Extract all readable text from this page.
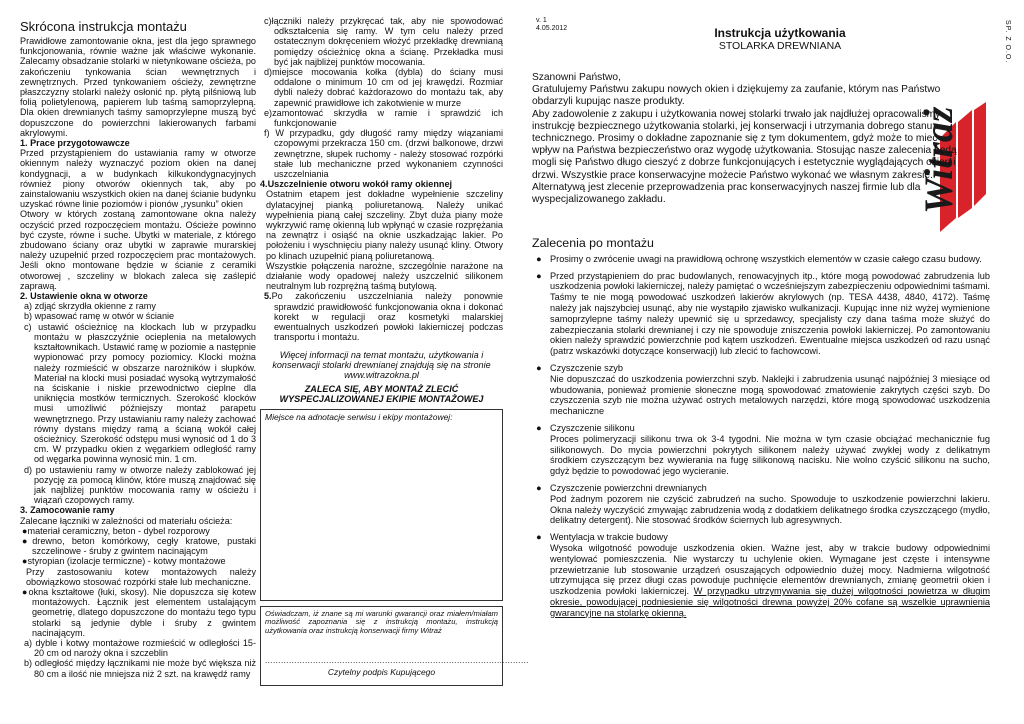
Skrócona instrukcja montażu

Prawidłowe zamontowanie okna, jest dla jego sprawnego funkcjonowania, równie ważne jak właściwe wykonanie. Zalecamy obsadzanie stolarki w nietynkowane ościeża, po zakończeniu tynkowania ścian wewnętrznych i zewnętrznych. Przed tynkowaniem ościeży, zewnętrzne płaszczyzny stolarki należy osłonić np. płytą pilśniową lub folią polietylenową, papierem lub taśmą samoprzylepną. Dla okien drewnianych taśmy samoprzylepne muszą być dopuszczone do powierzchni lakierowanych farbami akrylowymi.

1. Prace przygotowawcze

Przed przystąpieniem do ustawiania ramy w otworze okiennym należy wyznaczyć poziom okien na danej kondygnacji, a w budynkach kilkukondygnacyjnych również piony otworów okiennych tak, aby po zainstalowaniu wszystkich okien na danej ścianie budynku uzyskać równe linie poziomów i pionów „rysunku” okien

Otwory w których zostaną zamontowane okna należy oczyścić przed rozpoczęciem montażu. Ościeże powinno być czyste, równe i suche. Ubytki w materiale, z którego zbudowano ściany oraz ubytki w zaprawie murarskiej należy uzupełnić przed rozpoczęciem prac montażowych. Jeśli okno montowane będzie w ścianie z ceramiki otworowej , szczeliny w blokach zaleca się zaślepić zaprawą.

2. Ustawienie okna w otworze

a) zdjąć skrzydła okienne z ramy

b) wpasować ramę w otwór w ścianie

c) ustawić ościeżnicę na klockach lub w przypadku montażu w płaszczyźnie ocieplenia na metalowych kształtownikach. Ustawić ramę w poziomie a następnie wypionować przy pomocy poziomicy. Klocki można należy rozmieścić w obszarze narożników i słupków. Materiał na klocki musi posiadać wysoką wytrzymałość na ściskanie i niskie przewodnictwo cieplne dla uniknięcia mostków termicznych. Szerokość klocków musi umożliwić późniejszy montaż parapetu wewnętrznego. Przy ustawianiu ramy należy zachować równy dystans między ramą a ścianą wokół całej ościeżnicy. Szerokość odstępu musi wynosić od 1 do 3 cm. W przypadku okien z węgarkiem odległość ramy od węgarka powinna wynosić min. 1 cm.

d) po ustawieniu ramy w otworze należy zablokować jej pozycję za pomocą klinów, które muszą znajdować się jak najbliżej punktów mocowania ramy w ościeżu i wiązań czopowych ramy.

3. Zamocowanie ramy

Zalecane łączniki w zależności od materiału ościeża:

●materiał ceramiczny, beton - dybel rozporowy

●drewno, beton komórkowy, cegły kratowe, pustaki szczelinowe - śruby z gwintem nacinającym

●styropian (izolacje termiczne) - kotwy montażowe

Przy zastosowaniu kotew montażowych należy obowiązkowo stosować rozpórki stałe lub mechaniczne.

●okna kształtowe (łuki, skosy). Nie dopuszcza się kotew montażowych. Łącznik jest elementem ustalającym geometrię, dlatego dopuszczone do montażu tego typu stolarki są jedynie dyble i śruby z gwintem nacinającym.

a) dyble i kotwy montażowe rozmieścić w odległości 15-20 cm od naroży okna i szczeblin

b) odległość między łącznikami nie może być większa niż 80 cm a ilość nie mniejsza niż 2 szt. na krawędź ramy

c)łączniki należy przykręcać tak, aby nie spowodować odkształcenia się ramy. W tym celu należy przed ostatecznym dokręceniem włożyć przekładkę drewnianą pomiędzy ościeżnicę okna a ścianę. Przekładka musi być jak najbliżej punktów mocowania.

d)miejsce mocowania kołka (dybla) do ściany musi oddalone o minimum 10 cm od jej krawędzi. Rozmiar dybli należy dobrać każdorazowo do montażu tak, aby zapewnić prawidłowe ich zakotwienie w murze

e)zamontować skrzydła w ramie i sprawdzić ich funkcjonowanie

f) W przypadku, gdy długość ramy między wiązaniami czopowymi przekracza 150 cm. (drzwi balkonowe, drzwi zewnętrzne, słupek ruchomy - należy stosować rozpórki stałe lub mechaniczne przed wykonaniem czynności uszczelniania

4.Uszczelnienie otworu wokół ramy okiennej

Ostatnim etapem jest dokładne wypełnienie szczeliny dylatacyjnej pianką poliuretanową. Należy unikać wypełnienia pianą całej szczeliny. Zbyt duża piany może wykrzywić ramę okienną lub wpłynąć w czasie rozprężania na zewnątrz i osiąść na oknie uszkadzając lakier. Po położeniu i wyschnięciu piany należy usunąć kliny. Otwory po klinach uzupełnić pianą poliuretanową.

Wszystkie połączenia narożne, szczególnie narażone na działanie wody opadowej należy uszczelnić silikonem neutralnym lub rozprężną taśmą butylową.

5.Po zakończeniu uszczelniania należy ponownie sprawdzić prawidłowość funkcjonowania okna i dokonać korekt w regulacji oraz kosmetyki malarskiej ewentualnych uszkodzeń powłoki lakierniczej podczas transportu i montażu.

Więcej informacji na temat montażu, użytkowania i konserwacji stolarki drewnianej znajdują się na stronie www.witrazokna.pl

ZALECA SIĘ, ABY MONTAŻ ZLECIĆ

WYSPECJALIZOWANEJ EKIPIE MONTAŻOWEJ

Miejsce na adnotacje serwisu i ekipy montażowej:
Oświadczam, iż znane są mi warunki gwarancji oraz miałem/miałam możliwość zapoznania się z instrukcją montażu, instrukcją użytkowania oraz instrukcją konserwacji firmy Witraż
………………………………………………………………………………………
Czytelny podpis Kupującego
v. 1
4.05.2012	Instrukcja użytkowania
STOLARKA DREWNIANA
Witraż
SP. Z O.O.

Szanowni Państwo,

Gratulujemy Państwu zakupu nowych okien i dziękujemy za zaufanie, którym nas Państwo obdarzyli kupując nasze produkty.

Aby zadowolenie z zakupu i użytkowania nowej stolarki trwało jak najdłużej opracowaliśmy instrukcję bezpiecznego użytkowania stolarki, jej konserwacji i utrzymania dobrego stanu technicznego. Prosimy o dokładne zapoznanie się z tym dokumentem, gdyż może to mieć wpływ na Państwa bezpieczeństwo oraz wygodę użytkowania. Stosując nasze zalecenia będą mogli się Państwo długo cieszyć z dobrze funkcjonujących i estetycznie wyglądających okien i drzwi. Wszystkie prace konserwacyjne możecie Państwo wykonać we własnym zakresie. Alternatywą jest zlecenie przeprowadzenia prac konserwacyjnych naszej firmie lub dla wyspecjalizowanego zakładu.

Zalecenia po montażu

● Prosimy o zwrócenie uwagi na prawidłową ochronę wszystkich elementów w czasie całego czasu budowy.
● Przed przystąpieniem do prac budowlanych, renowacyjnych itp., które mogą powodować zabrudzenia lub uszkodzenia powłoki lakierniczej, należy pamiętać o wcześniejszym zabezpieczeniu odpowiednimi taśmami. Taśmy te nie mogą powodować uszkodzeń lakierów akrylowych (np. TESA 4438, 4840, 4172). Taśmę należy jak najszybciej usunąć, aby nie wystąpiło zjawisko wulkanizacji. Kupując inne niż wyżej wymienione samoprzylepne taśmy należy upewnić się u sprzedawcy, specjalisty czy dana taśma może służyć do zabezpieczania stolarki drewnianej i czy nie spowoduje zniszczenia powłoki lakierniczej. Po zamontowaniu okien należy sprawdzić powierzchnie pod kątem uszkodzeń. Ewentualne miejsca uszkodzeń od razu usnąć (patrz wskazówki dotyczące konserwacji) lub zlecić to fachowcowi.
● Czyszczenie szyb
Nie dopuszczać do uszkodzenia powierzchni szyb. Naklejki i zabrudzenia usunąć najpóźniej 3 miesiące od wbudowania, ponieważ promienie słoneczne mogą spowodować zmatowienie zakrytych części szyb. Do czyszczenia szyb nie można używać ostrych metalowych narzędzi, które mogą spowodować uszkodzenia mechaniczne
● Czyszczenie silikonu
Proces polimeryzacji silikonu trwa ok 3-4 tygodni. Nie można w tym czasie obciążać mechanicznie fug silikonowych. Do mycia powierzchni pokrytych silikonem należy używać zwykłej wody z delikatnym środkiem czyszczącym bez wywierania na fugę silikonową nacisku. Nie wolno czyścić silikonu na sucho, gdyż będzie to powodować jego wycieranie.
● Czyszczenie powierzchni drewnianych
Pod żadnym pozorem nie czyścić zabrudzeń na sucho. Spowoduje to uszkodzenie powierzchni lakieru. Okna należy wyczyścić zmywając zabrudzenia wodą z dodatkiem delikatnego środka czyszczącego (mydło, delikatny detergent). Nie stosować środków ściernych lub agresywnych.
● Wentylacja w trakcie budowy
Wysoka wilgotność powoduje uszkodzenia okien. Ważne jest, aby w trakcie budowy odpowiednimi wentylować pomieszczenia. Nie wystarczy tu uchylenie okien. Wymagane jest częste i intensywne przewietrzanie lub stosowanie urządzeń osuszających odpowiednio dużej mocy. Nadmierna wilgotność utrzymująca się przez długi czas powoduje puchnięcie elementów drewnianych, zmianę geometrii okien i uszkodzenia powłoki lakierniczej. W przypadku utrzymywania się dużej wilgotności powietrza w długim okresie, powodującej podniesienie się wilgotności drewna powyżej 20% cofane są wszelkie uprawnienia gwarancyjne na stolarkę okienną.
